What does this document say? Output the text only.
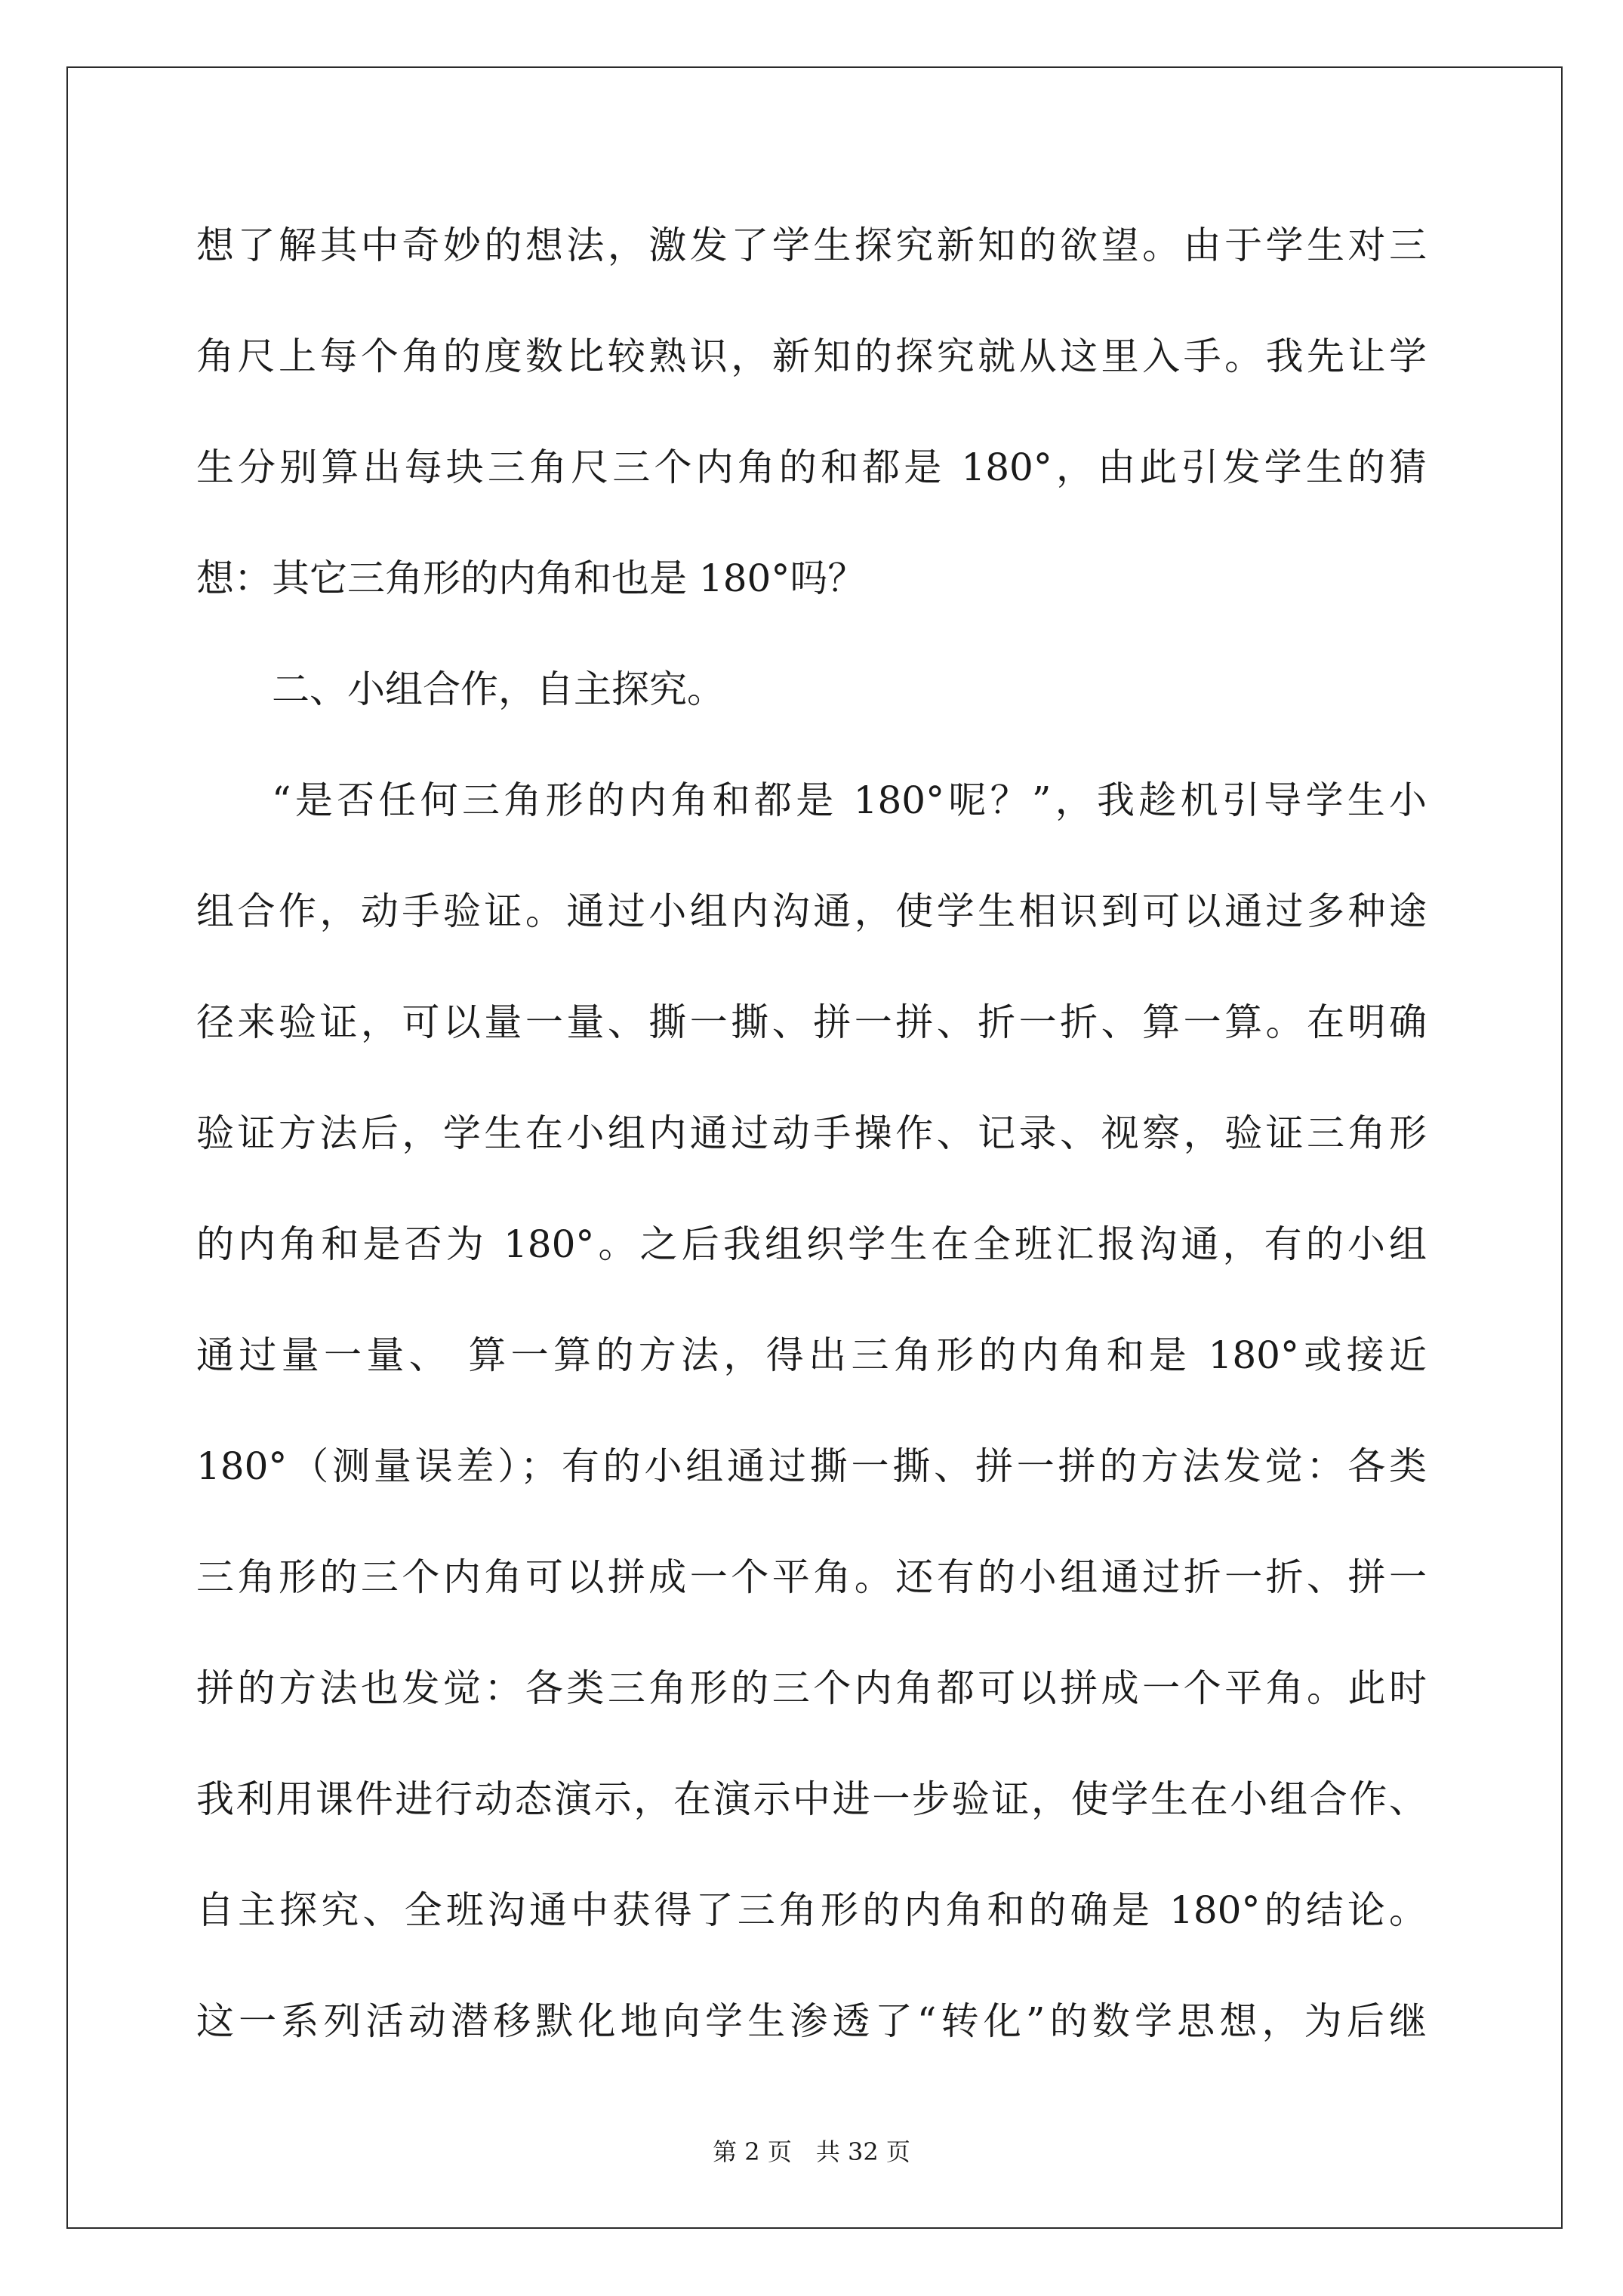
想了解其中奇妙的想法，激发了学生探究新知的欲望。由于学生对三
角尺上每个角的度数比较熟识，新知的探究就从这里入手。我先让学
生分别算出每块三角尺三个内角的和都是 180°，由此引发学生的猜
想：其它三角形的内角和也是 180°吗？
二、小组合作，自主探究。
“是否任何三角形的内角和都是 180°呢？”，我趁机引导学生小
组合作，动手验证。通过小组内沟通，使学生相识到可以通过多种途
径来验证，可以量一量、撕一撕、拼一拼、折一折、算一算。在明确
验证方法后，学生在小组内通过动手操作、记录、视察，验证三角形
的内角和是否为 180°。之后我组织学生在全班汇报沟通，有的小组
通过量一量、 算一算的方法，得出三角形的内角和是 180°或接近
180°（测量误差）；有的小组通过撕一撕、拼一拼的方法发觉：各类
三角形的三个内角可以拼成一个平角。还有的小组通过折一折、拼一
拼的方法也发觉：各类三角形的三个内角都可以拼成一个平角。此时
我利用课件进行动态演示，在演示中进一步验证，使学生在小组合作、
自主探究、全班沟通中获得了三角形的内角和的确是 180°的结论。
这一系列活动潜移默化地向学生渗透了“转化”的数学思想，为后继
第 2 页　共 32 页
